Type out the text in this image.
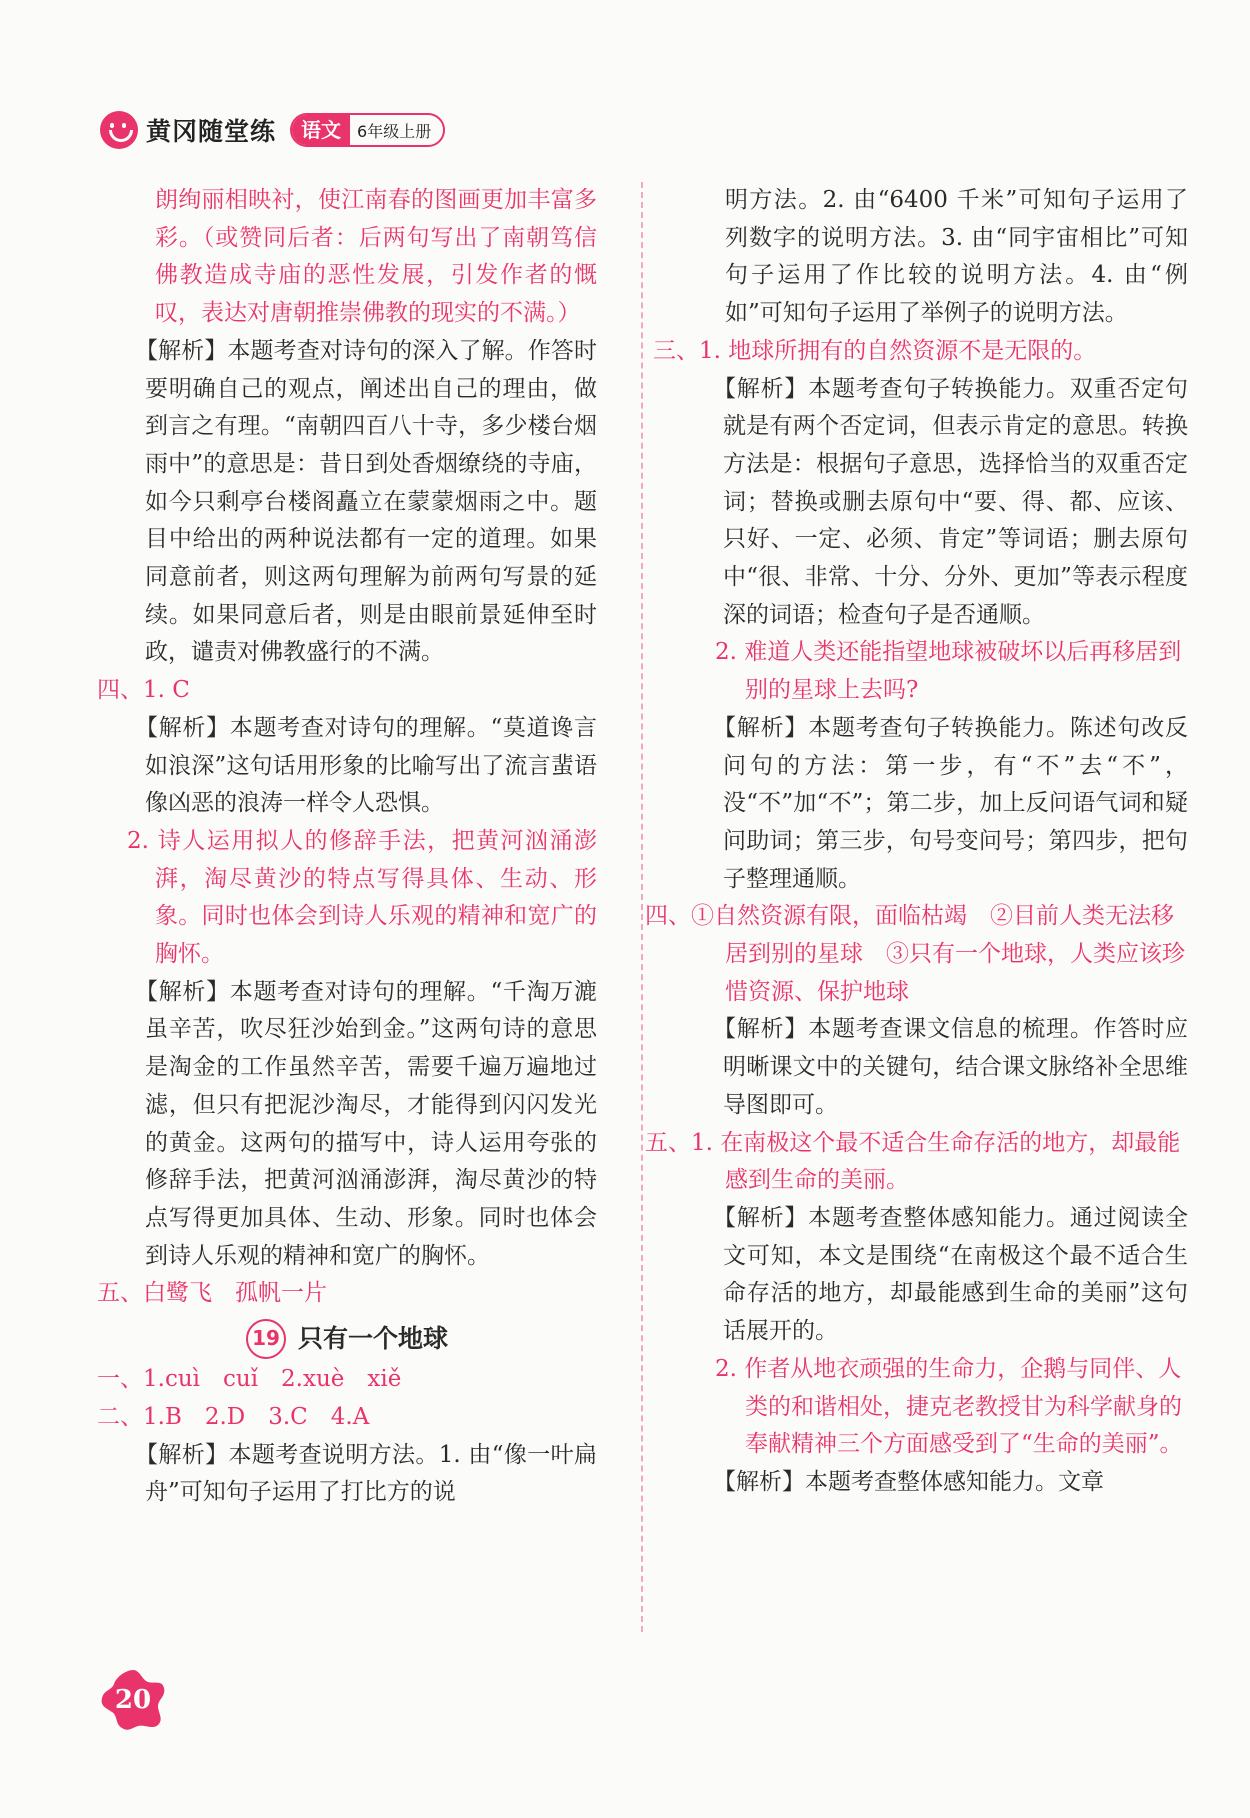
黄冈随堂练	语文	6年级上册

朗绚丽相映衬，使江南春的图画更加丰富多彩。（或赞同后者：后两句写出了南朝笃信佛教造成寺庙的恶性发展，引发作者的慨叹，表达对唐朝推崇佛教的现实的不满。）

【解析】本题考查对诗句的深入了解。作答时要明确自己的观点，阐述出自己的理由，做到言之有理。“南朝四百八十寺，多少楼台烟雨中”的意思是：昔日到处香烟缭绕的寺庙，如今只剩亭台楼阁矗立在蒙蒙烟雨之中。题目中给出的两种说法都有一定的道理。如果同意前者，则这两句理解为前两句写景的延续。如果同意后者，则是由眼前景延伸至时政，谴责对佛教盛行的不满。

四、1. C

【解析】本题考查对诗句的理解。“莫道谗言如浪深”这句话用形象的比喻写出了流言蜚语像凶恶的浪涛一样令人恐惧。

2. 诗人运用拟人的修辞手法，把黄河汹涌澎湃，淘尽黄沙的特点写得具体、生动、形象。同时也体会到诗人乐观的精神和宽广的胸怀。

【解析】本题考查对诗句的理解。“千淘万漉虽辛苦，吹尽狂沙始到金。”这两句诗的意思是淘金的工作虽然辛苦，需要千遍万遍地过滤，但只有把泥沙淘尽，才能得到闪闪发光的黄金。这两句的描写中，诗人运用夸张的修辞手法，把黄河汹涌澎湃，淘尽黄沙的特点写得更加具体、生动、形象。同时也体会到诗人乐观的精神和宽广的胸怀。

五、白鹭飞　孤帆一片

19 只有一个地球

一、1.cuì　cuǐ　2.xuè　xiě

二、1.B　2.D　3.C　4.A

【解析】本题考查说明方法。1. 由“像一叶扁舟”可知句子运用了打比方的说

明方法。2. 由“6400 千米”可知句子运用了列数字的说明方法。3. 由“同宇宙相比”可知句子运用了作比较的说明方法。4. 由“例如”可知句子运用了举例子的说明方法。

三、1. 地球所拥有的自然资源不是无限的。

【解析】本题考查句子转换能力。双重否定句就是有两个否定词，但表示肯定的意思。转换方法是：根据句子意思，选择恰当的双重否定词；替换或删去原句中“要、得、都、应该、只好、一定、必须、肯定”等词语；删去原句中“很、非常、十分、分外、更加”等表示程度深的词语；检查句子是否通顺。

2. 难道人类还能指望地球被破坏以后再移居到别的星球上去吗?

【解析】本题考查句子转换能力。陈述句改反问句的方法：第一步，有“不”去“不”，没“不”加“不”；第二步，加上反问语气词和疑问助词；第三步，句号变问号；第四步，把句子整理通顺。

四、①自然资源有限，面临枯竭　②目前人类无法移居到别的星球　③只有一个地球，人类应该珍惜资源、保护地球

【解析】本题考查课文信息的梳理。作答时应明晰课文中的关键句，结合课文脉络补全思维导图即可。

五、1. 在南极这个最不适合生命存活的地方，却最能感到生命的美丽。

【解析】本题考查整体感知能力。通过阅读全文可知，本文是围绕“在南极这个最不适合生命存活的地方，却最能感到生命的美丽”这句话展开的。

2. 作者从地衣顽强的生命力，企鹅与同伴、人类的和谐相处，捷克老教授甘为科学献身的奉献精神三个方面感受到了“生命的美丽”。

【解析】本题考查整体感知能力。文章

20
